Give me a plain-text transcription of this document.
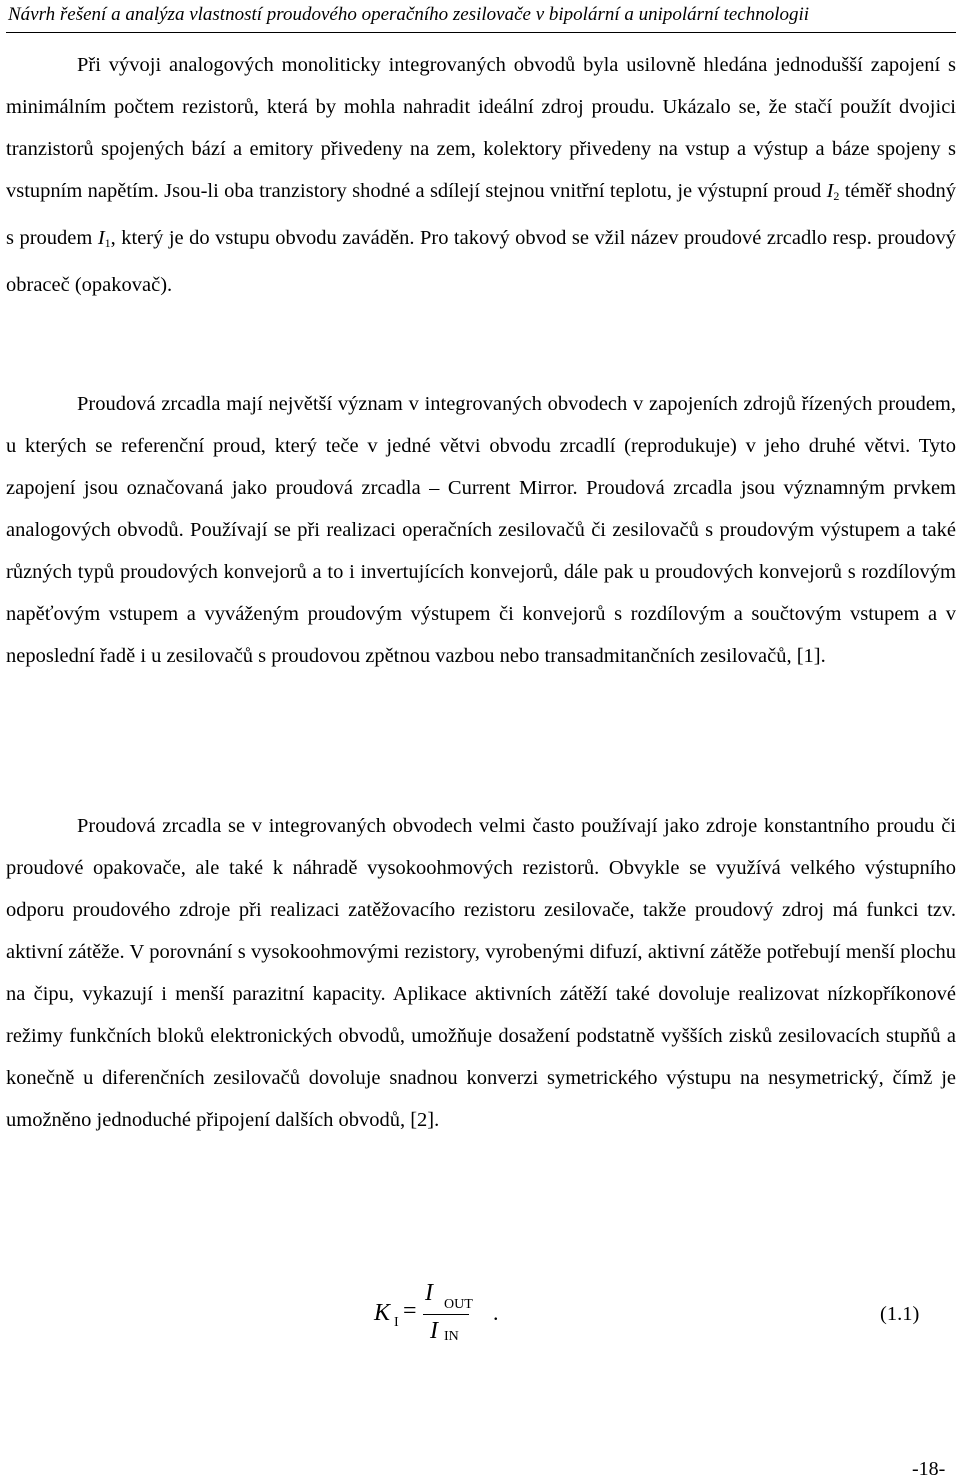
Návrh řešení a analýza vlastností proudového operačního zesilovače v bipolární a unipolární technologii

Při vývoji analogových monoliticky integrovaných obvodů byla usilovně hledána jednodušší zapojení s minimálním počtem rezistorů, která by mohla nahradit ideální zdroj proudu. Ukázalo se, že stačí použít dvojici tranzistorů spojených bází a emitory přivedeny na zem, kolektory přivedeny na vstup a výstup a báze spojeny s vstupním napětím. Jsou-li oba tranzistory shodné a sdílejí stejnou vnitřní teplotu, je výstupní proud $I_2$ téměř shodný s proudem $I_1$, který je do vstupu obvodu zaváděn. Pro takový obvod se vžil název proudové zrcadlo resp. proudový obraceč (opakovač).

Proudová zrcadla mají největší význam v integrovaných obvodech v zapojeních zdrojů řízených proudem, u kterých se referenční proud, který teče v jedné větvi obvodu zrcadlí (reprodukuje) v jeho druhé větvi. Tyto zapojení jsou označovaná jako proudová zrcadla – Current Mirror. Proudová zrcadla jsou významným prvkem analogových obvodů. Používají se při realizaci operačních zesilovačů či zesilovačů s proudovým výstupem a také různých typů proudových konvejorů a to i invertujících konvejorů, dále pak u proudových konvejorů s rozdílovým napěťovým vstupem a vyváženým proudovým výstupem či konvejorů s rozdílovým a součtovým vstupem a v neposlední řadě i u zesilovačů s proudovou zpětnou vazbou nebo transadmitančních zesilovačů, [1].

Proudová zrcadla se v integrovaných obvodech velmi často používají jako zdroje konstantního proudu či proudové opakovače, ale také k náhradě vysokoohmových rezistorů. Obvykle se využívá velkého výstupního odporu proudového zdroje při realizaci zatěžovacího rezistoru zesilovače, takže proudový zdroj má funkci tzv. aktivní zátěže. V porovnání s vysokoohmovými rezistory, vyrobenými difuzí, aktivní zátěže potřebují menší plochu na čipu, vykazují i menší parazitní kapacity. Aplikace aktivních zátěží také dovoluje realizovat nízkopříkonové režimy funkčních bloků elektronických obvodů, umožňuje dosažení podstatně vyšších zisků zesilovacích stupňů a konečně u diferenčních zesilovačů dovoluje snadnou konverzi symetrického výstupu na nesymetrický, čímž je umožněno jednoduché připojení dalších obvodů, [2].

K I =
I OUT
I IN
.	(1.1)
-18-
